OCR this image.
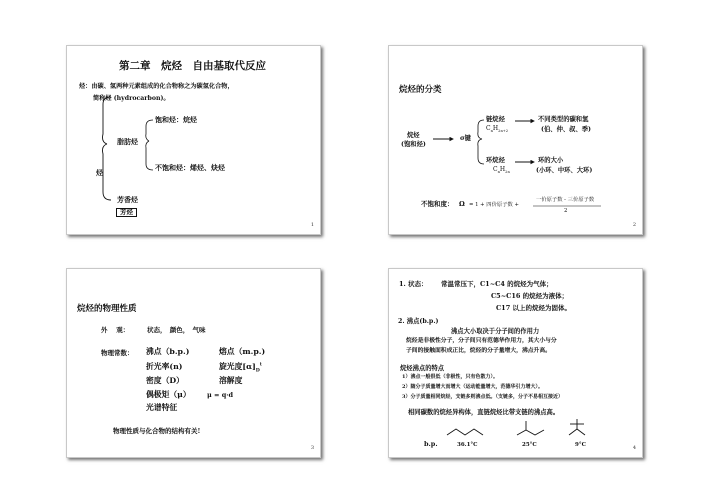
第二章　烷烃　自由基取代反应
烃：由碳、氢两种元素组成的化合物称之为碳氢化合物，
简称烃 (hydrocarbon)。
烃
脂肪烃
饱和烃：烷烃
不饱和烃：烯烃、炔烃
芳香烃
芳烃
1
烷烃的分类
烷烃
(饱和烃)
σ键
链烷烃
$C_nH_{2n+2}$
环烷烃
$C_nH_{2n}$
不同类型的碳和氢
(伯、仲、叔、季)
环的大小
(小环、中环、大环)
不饱和度： Ω = 1 + 四价原子数 +
一价原子数 - 三价原子数
2
2
烷烃的物理性质
外　 观：	状态，　颜色，　气味
物理常数： 沸点（b.p.)	熔点（m.p.)
折光率(n)	旋光度$[\alpha]_D^t$
密度（D）	溶解度
偶极矩（μ）	μ = q·d
光谱特征
物理性质与化合物的结构有关!
3
1. 状态： 常温常压下，C1~C4 的烷烃为气体；
C5~C16 的烷烃为液体；
C17 以上的烷烃为固体。
2. 沸点(b.p.)
沸点大小取决于分子间的作用力
烷烃是非极性分子，分子间只有范德华作用力，其大小与分
子间的接触面积成正比，烷烃的分子量增大，沸点升高。
烷烃沸点的特点
1）沸点一般很低（非极性，只有色散力）。
2）随分子质量增大而增大（运动能量增大，范德华引力增大）。
3）分子质量相同烷烃，支链多则沸点低。（支链多，分子不易相互接近）
相同碳数的烷烃异构体，直链烷烃比带支链的沸点高。
b.p.	36.1°C	25°C	9°C	4
